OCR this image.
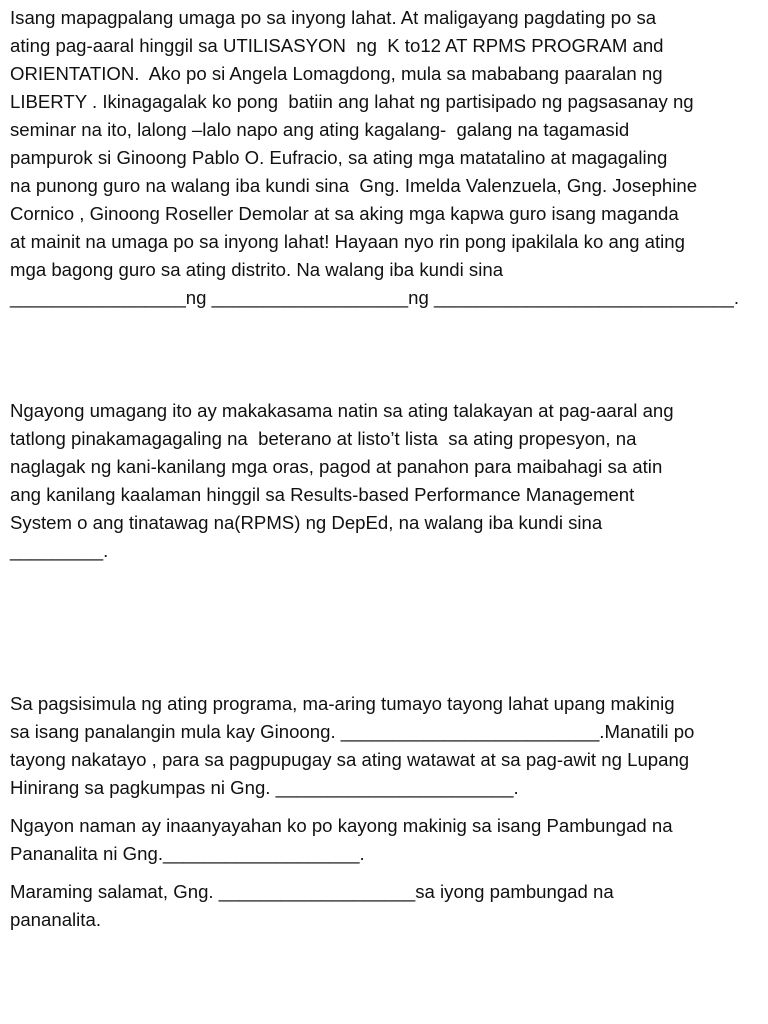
Isang mapagpalang umaga po sa inyong lahat. At maligayang pagdating po sa
ating pag-aaral hinggil sa UTILISASYON  ng  K to12 AT RPMS PROGRAM and
ORIENTATION.  Ako po si Angela Lomagdong, mula sa mababang paaralan ng
LIBERTY . Ikinagagalak ko pong  batiin ang lahat ng partisipado ng pagsasanay ng
seminar na ito, lalong –lalo napo ang ating kagalang-  galang na tagamasid
pampurok si Ginoong Pablo O. Eufracio, sa ating mga matatalino at magagaling
na punong guro na walang iba kundi sina  Gng. Imelda Valenzuela, Gng. Josephine
Cornico , Ginoong Roseller Demolar at sa aking mga kapwa guro isang maganda
at mainit na umaga po sa inyong lahat! Hayaan nyo rin pong ipakilala ko ang ating
mga bagong guro sa ating distrito. Na walang iba kundi sina
_________________ng ___________________ng _____________________________.
Ngayong umagang ito ay makakasama natin sa ating talakayan at pag-aaral ang
tatlong pinakamagagaling na  beterano at listo’t lista  sa ating propesyon, na
naglagak ng kani-kanilang mga oras, pagod at panahon para maibahagi sa atin
ang kanilang kaalaman hinggil sa Results-based Performance Management
System o ang tinatawag na(RPMS) ng DepEd, na walang iba kundi sina
_________.
Sa pagsisimula ng ating programa, ma-aring tumayo tayong lahat upang makinig
sa isang panalangin mula kay Ginoong. _________________________.Manatili po
tayong nakatayo , para sa pagpupugay sa ating watawat at sa pag-awit ng Lupang
Hinirang sa pagkumpas ni Gng. _______________________.
Ngayon naman ay inaanyayahan ko po kayong makinig sa isang Pambungad na
Pananalita ni Gng.___________________.
Maraming salamat, Gng. ___________________sa iyong pambungad na
pananalita.
